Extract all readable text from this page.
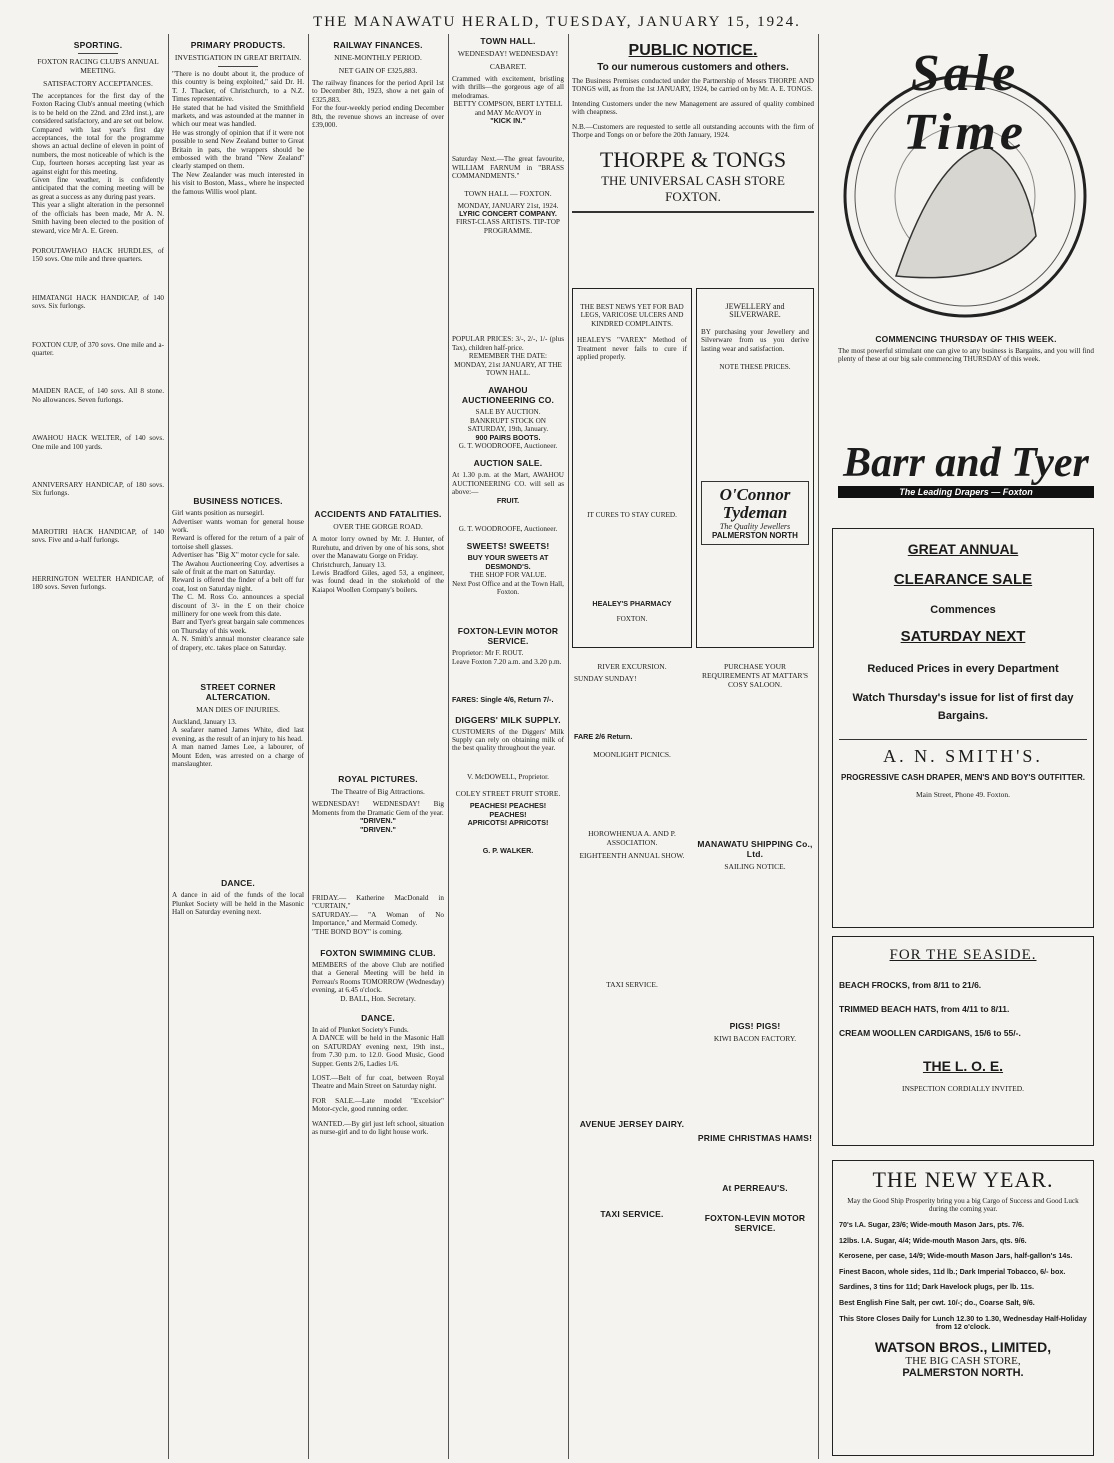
THE MANAWATU HERALD, TUESDAY, JANUARY 15, 1924.
SPORTING.
FOXTON RACING CLUB'S ANNUAL MEETING.
SATISFACTORY ACCEPTANCES.

The acceptances for the first day of the Foxton Racing Club's annual meeting (which is to be held on the 22nd. and 23rd inst.), are considered satisfactory, and are set out below.

Compared with last year's first day acceptances, the total for the programme shows an actual decline of eleven in point of numbers, the most noticeable of which is the Cup, fourteen horses accepting last year as against eight for this meeting.

Given fine weather, it is confidently anticipated that the coming meeting will be as great a success as any during past years.

This year a slight alteration in the personnel of the officials has been made, Mr A. N. Smith having been elected to the position of steward, vice Mr A. E. Green.

POROUTAWHAO HACK HURDLES, of 150 sovs. One mile and three quarters.

HIMATANGI HACK HANDICAP, of 140 sovs. Six furlongs.

FOXTON CUP, of 370 sovs. One mile and a-quarter.

MAIDEN RACE, of 140 sovs. All 8 stone. No allowances. Seven furlongs.

AWAHOU HACK WELTER, of 140 sovs. One mile and 100 yards.

ANNIVERSARY HANDICAP, of 180 sovs. Six furlongs.

MAROTIRI HACK HANDICAP, of 140 sovs. Five and a-half furlongs.

HERRINGTON WELTER HANDICAP, of 180 sovs. Seven furlongs.

PRIMARY PRODUCTS.
INVESTIGATION IN GREAT BRITAIN.

"There is no doubt about it, the produce of this country is being exploited," said Dr. H. T. J. Thacker, of Christchurch, to a N.Z. Times representative.

He stated that he had visited the Smithfield markets, and was astounded at the manner in which our meat was handled.

He was strongly of opinion that if it were not possible to send New Zealand butter to Great Britain in pats, the wrappers should be embossed with the brand "New Zealand" clearly stamped on them.

The New Zealander was much interested in his visit to Boston, Mass., where he inspected the famous Willis wool plant.

BUSINESS NOTICES.

Girl wants position as nursegirl.

Advertiser wants woman for general house work.

Reward is offered for the return of a pair of tortoise shell glasses.

Advertiser has "Big X" motor cycle for sale.

The Awahou Auctioneering Coy. advertises a sale of fruit at the mart on Saturday.

Reward is offered the finder of a belt off fur coat, lost on Saturday night.

The C. M. Ross Co. announces a special discount of 3/- in the £ on their choice millinery for one week from this date.

Barr and Tyer's great bargain sale commences on Thursday of this week.

A. N. Smith's annual monster clearance sale of drapery, etc. takes place on Saturday.

STREET CORNER ALTERCATION.
MAN DIES OF INJURIES.

Auckland, January 13.

A seafarer named James White, died last evening, as the result of an injury to his head.

A man named James Lee, a labourer, of Mount Eden, was arrested on a charge of manslaughter.

DANCE.

A dance in aid of the funds of the local Plunket Society will be held in the Masonic Hall on Saturday evening next.

RAILWAY FINANCES.
NINE-MONTHLY PERIOD.
NET GAIN OF £325,883.

The railway finances for the period April 1st to December 8th, 1923, show a net gain of £325,883.

For the four-weekly period ending December 8th, the revenue shows an increase of over £39,000.

ACCIDENTS AND FATALITIES.
OVER THE GORGE ROAD.

A motor lorry owned by Mr. J. Hunter, of Rurehutu, and driven by one of his sons, shot over the Manawatu Gorge on Friday.

Christchurch, January 13.

Lewis Bradford Giles, aged 53, a engineer, was found dead in the stokehold of the Kaiapoi Woollen Company's boilers.

ROYAL PICTURES.
The Theatre of Big Attractions.

WEDNESDAY! WEDNESDAY! Big Moments from the Dramatic Gem of the year.

"DRIVEN."

"DRIVEN."

FRIDAY.— Katherine MacDonald in "CURTAIN,"

SATURDAY.— "A Woman of No Importance," and Mermaid Comedy.

"THE BOND BOY" is coming.

FOXTON SWIMMING CLUB.

MEMBERS of the above Club are notified that a General Meeting will be held in Perreau's Rooms TOMORROW (Wednesday) evening, at 6.45 o'clock.

D. BALL, Hon. Secretary.

DANCE.

In aid of Plunket Society's Funds.

A DANCE will be held in the Masonic Hall on SATURDAY evening next, 19th inst., from 7.30 p.m. to 12.0. Good Music, Good Supper. Gents 2/6, Ladies 1/6.

LOST.—Belt of fur coat, between Royal Theatre and Main Street on Saturday night.

FOR SALE.—Late model "Excelsior" Motor-cycle, good running order.

WANTED.—By girl just left school, situation as nurse-girl and to do light house work.

TOWN HALL.
WEDNESDAY! WEDNESDAY!
CABARET.

Crammed with excitement, bristling with thrills—the gorgeous age of all melodramas.

BETTY COMPSON, BERT LYTELL and MAY McAVOY in

"KICK IN."

Saturday Next.—The great favourite, WILLIAM FARNUM in "BRASS COMMANDMENTS."

TOWN HALL — FOXTON.

MONDAY, JANUARY 21st, 1924.

LYRIC CONCERT COMPANY.

FIRST-CLASS ARTISTS. TIP-TOP PROGRAMME.

POPULAR PRICES: 3/-, 2/-, 1/- (plus Tax), children half-price.

REMEMBER THE DATE: MONDAY, 21st JANUARY, AT THE TOWN HALL.

AWAHOU AUCTIONEERING CO.

SALE BY AUCTION.

BANKRUPT STOCK ON SATURDAY, 19th, January.

900 PAIRS BOOTS.

G. T. WOODROOFE, Auctioneer.

AUCTION SALE.

At 1.30 p.m. at the Mart, AWAHOU AUCTIONEERING CO. will sell as above:—

FRUIT.

G. T. WOODROOFE, Auctioneer.

SWEETS! SWEETS!

BUY YOUR SWEETS AT DESMOND'S.

THE SHOP FOR VALUE.

Next Post Office and at the Town Hall, Foxton.

FOXTON-LEVIN MOTOR SERVICE.

Proprietor: Mr F. ROUT.

Leave Foxton 7.20 a.m. and 3.20 p.m.

FARES: Single 4/6, Return 7/-.

DIGGERS' MILK SUPPLY.

CUSTOMERS of the Diggers' Milk Supply can rely on obtaining milk of the best quality throughout the year.

V. McDOWELL, Proprietor.

COLEY STREET FRUIT STORE.

PEACHES! PEACHES! PEACHES!

APRICOTS! APRICOTS!

G. P. WALKER.

PUBLIC NOTICE.
To our numerous customers and others.

The Business Premises conducted under the Partnership of Messrs THORPE AND TONGS will, as from the 1st JANUARY, 1924, be carried on by Mr. A. E. TONGS.

Intending Customers under the new Management are assured of quality combined with cheapness.

N.B.—Customers are requested to settle all outstanding accounts with the firm of Thorpe and Tongs on or before the 20th January, 1924.

THORPE & TONGS
THE UNIVERSAL CASH STORE
FOXTON.

THE BEST NEWS YET FOR BAD LEGS, VARICOSE ULCERS AND KINDRED COMPLAINTS.

HEALEY'S "VAREX" Method of Treatment never fails to cure if applied properly.

IT CURES TO STAY CURED.

HEALEY'S PHARMACY

FOXTON.

JEWELLERY and SILVERWARE.

BY purchasing your Jewellery and Silverware from us you derive lasting wear and satisfaction.

NOTE THESE PRICES.

O'Connor Tydeman
The Quality Jewellers
PALMERSTON NORTH
RIVER EXCURSION.

SUNDAY SUNDAY!

FARE 2/6 Return.

MOONLIGHT PICNICS.
HOROWHENUA A. AND P. ASSOCIATION.
EIGHTEENTH ANNUAL SHOW.
TAXI SERVICE.
AVENUE JERSEY DAIRY.
TAXI SERVICE.
PURCHASE YOUR REQUIREMENTS AT MATTAR'S COSY SALOON.
MANAWATU SHIPPING Co., Ltd.
SAILING NOTICE.
PIGS! PIGS!
KIWI BACON FACTORY.
PRIME CHRISTMAS HAMS!
At PERREAU'S.
FOXTON-LEVIN MOTOR SERVICE.
Sale Time
COMMENCING THURSDAY OF THIS WEEK.

The most powerful stimulant one can give to any business is Bargains, and you will find plenty of these at our big sale commencing THURSDAY of this week.

Barr and Tyer
The Leading Drapers — Foxton
GREAT ANNUAL
CLEARANCE SALE
Commences
SATURDAY NEXT
Reduced Prices in every Department
Watch Thursday's issue for list of first day Bargains.
A. N. SMITH'S.
PROGRESSIVE CASH DRAPER, MEN'S AND BOY'S OUTFITTER.
Main Street, Phone 49. Foxton.
FOR THE SEASIDE.
BEACH FROCKS, from 8/11 to 21/6.
TRIMMED BEACH HATS, from 4/11 to 8/11.
CREAM WOOLLEN CARDIGANS, 15/6 to 55/-.
THE L. O. E.
INSPECTION CORDIALLY INVITED.
THE NEW YEAR.

May the Good Ship Prosperity bring you a big Cargo of Success and Good Luck during the coming year.

70's I.A. Sugar, 23/6; Wide-mouth Mason Jars, pts. 7/6.

12lbs. I.A. Sugar, 4/4; Wide-mouth Mason Jars, qts. 9/6.

Kerosene, per case, 14/9; Wide-mouth Mason Jars, half-gallon's 14s.

Finest Bacon, whole sides, 11d lb.; Dark Imperial Tobacco, 6/- box.

Sardines, 3 tins for 11d; Dark Havelock plugs, per lb. 11s.

Best English Fine Salt, per cwt. 10/-; do., Coarse Salt, 9/6.

This Store Closes Daily for Lunch 12.30 to 1.30, Wednesday Half-Holiday from 12 o'clock.

WATSON BROS., LIMITED,
THE BIG CASH STORE,
PALMERSTON NORTH.
